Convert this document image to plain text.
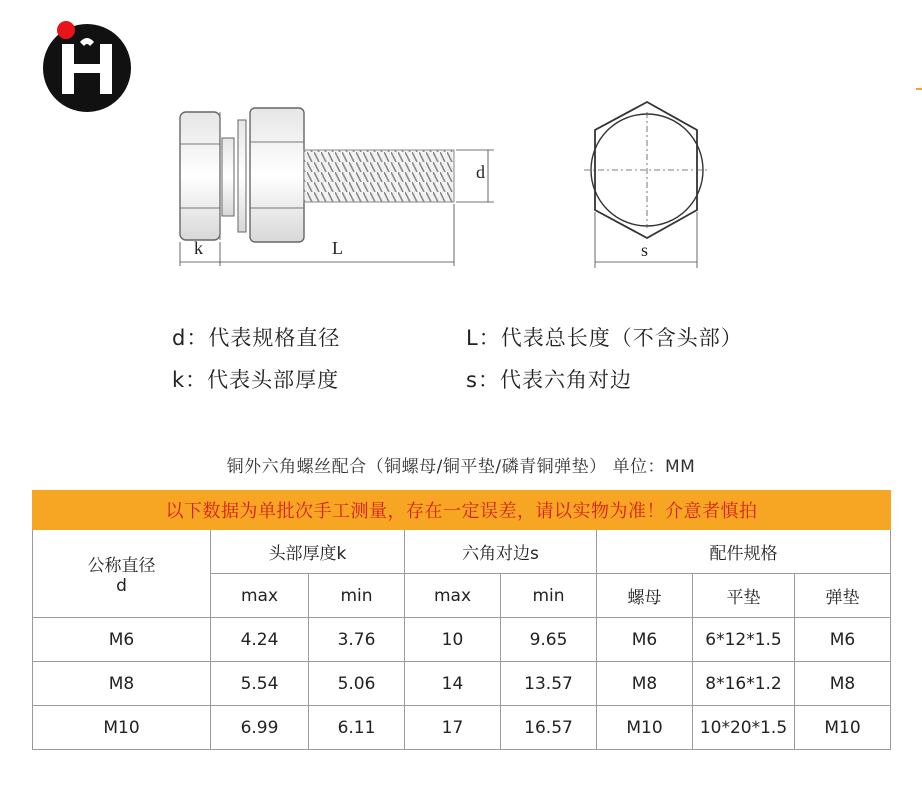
d
k	L	s
d：代表规格直径	L：代表总长度（不含头部）
k：代表头部厚度	s：代表六角对边
铜外六角螺丝配合（铜螺母/铜平垫/磷青铜弹垫） 单位：MM
以下数据为单批次手工测量，存在一定误差，请以实物为准！介意者慎拍							

公称直径
d	头部厚度k		六角对边s		配件规格		
	max	min	max	min	螺母	平垫	弹垫
M6	4.24	3.76	10	9.65	M6	6*12*1.5	M6
M8	5.54	5.06	14	13.57	M8	8*16*1.2	M8
M10	6.99	6.11	17	16.57	M10	10*20*1.5	M10
